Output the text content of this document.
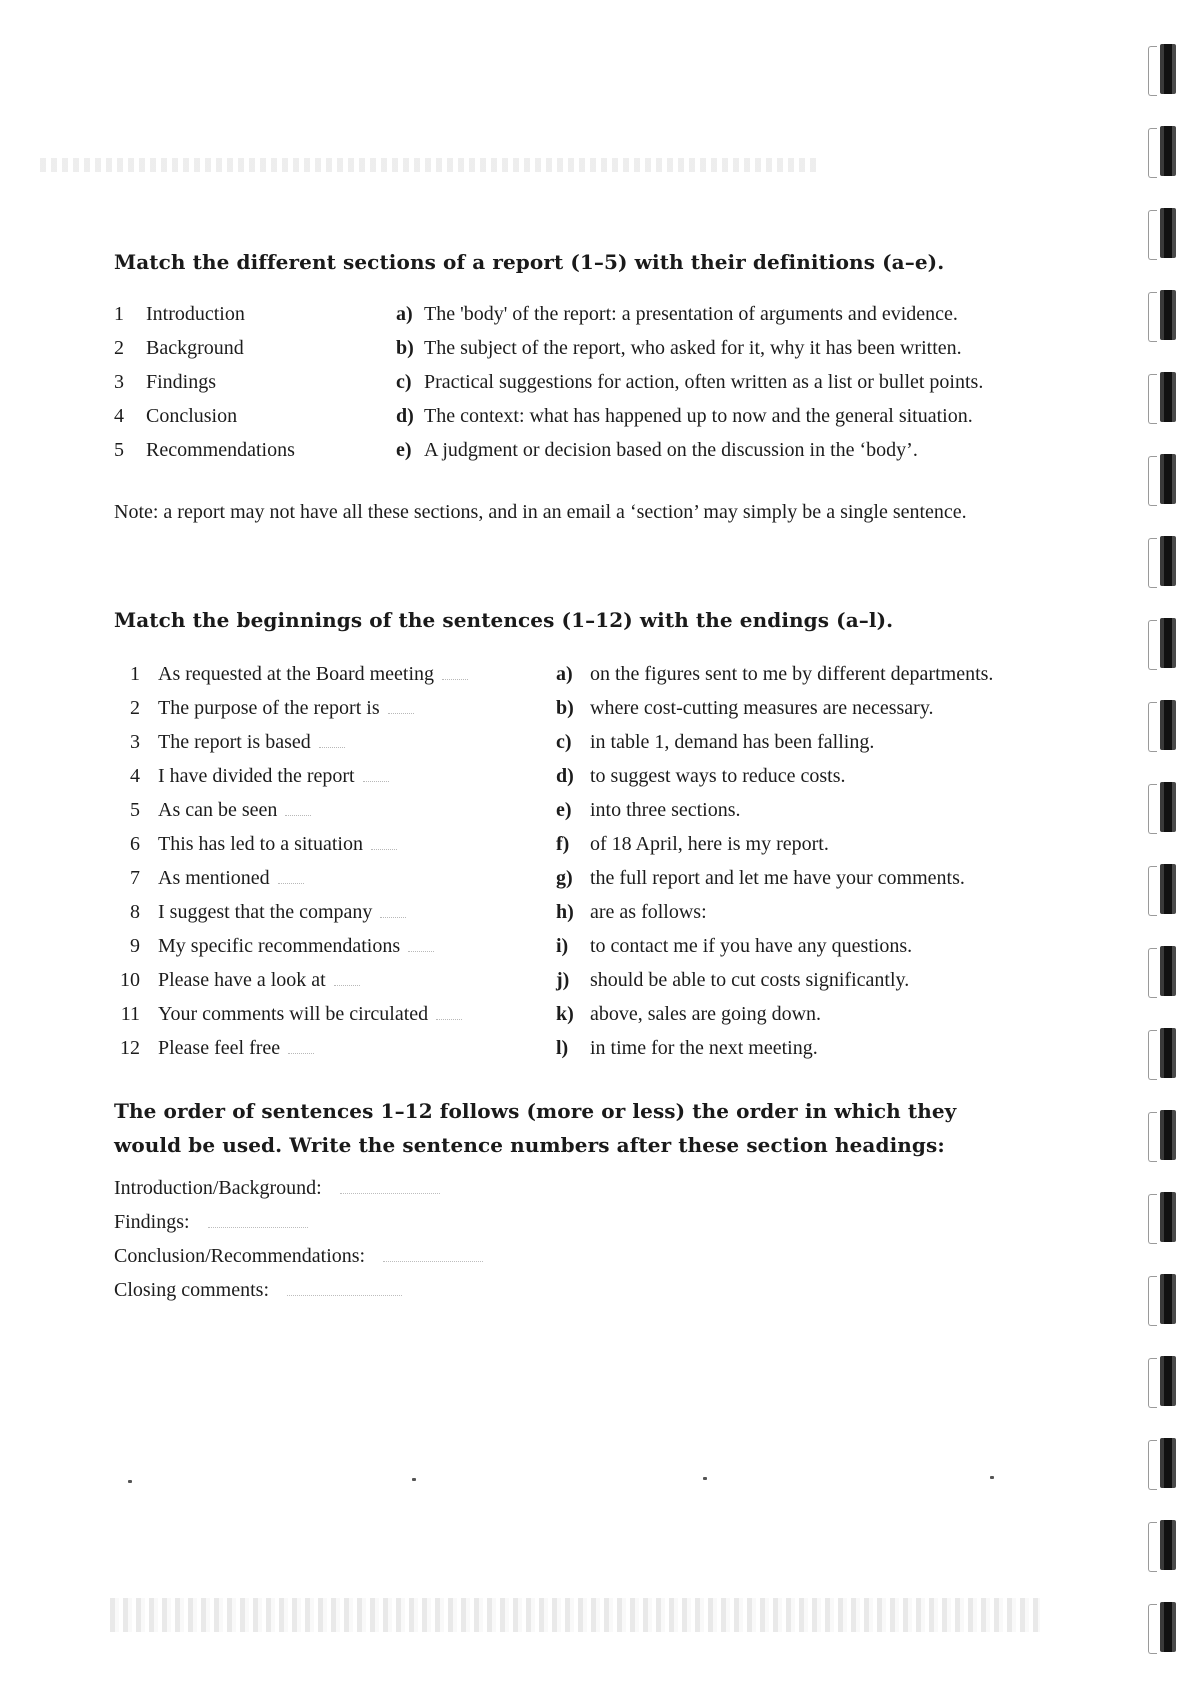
Match the different sections of a report (1–5) with their definitions (a–e).
1	Introduction	a) The 'body' of the report: a presentation of arguments and evidence.
2	Background	b) The subject of the report, who asked for it, why it has been written.
3	Findings	c) Practical suggestions for action, often written as a list or bullet points.
4	Conclusion	d) The context: what has happened up to now and the general situation.
5	Recommendations	e) A judgment or decision based on the discussion in the ‘body’.
Note: a report may not have all these sections, and in an email a ‘section’ may simply be a single sentence.
Match the beginnings of the sentences (1–12) with the endings (a–l).
1 As requested at the Board meeting	a) on the figures sent to me by different departments.
2 The purpose of the report is	b) where cost-cutting measures are necessary.
3 The report is based	c) in table 1, demand has been falling.
4 I have divided the report	d) to suggest ways to reduce costs.
5 As can be seen	e) into three sections.
6 This has led to a situation	f) of 18 April, here is my report.
7 As mentioned	g) the full report and let me have your comments.
8 I suggest that the company	h) are as follows:
9 My specific recommendations	i) to contact me if you have any questions.
10 Please have a look at	j) should be able to cut costs significantly.
11 Your comments will be circulated	k) above, sales are going down.
12 Please feel free	l) in time for the next meeting.
The order of sentences 1–12 follows (more or less) the order in which they would be used. Write the sentence numbers after these section headings:
Introduction/Background:
Findings:
Conclusion/Recommendations:
Closing comments:
